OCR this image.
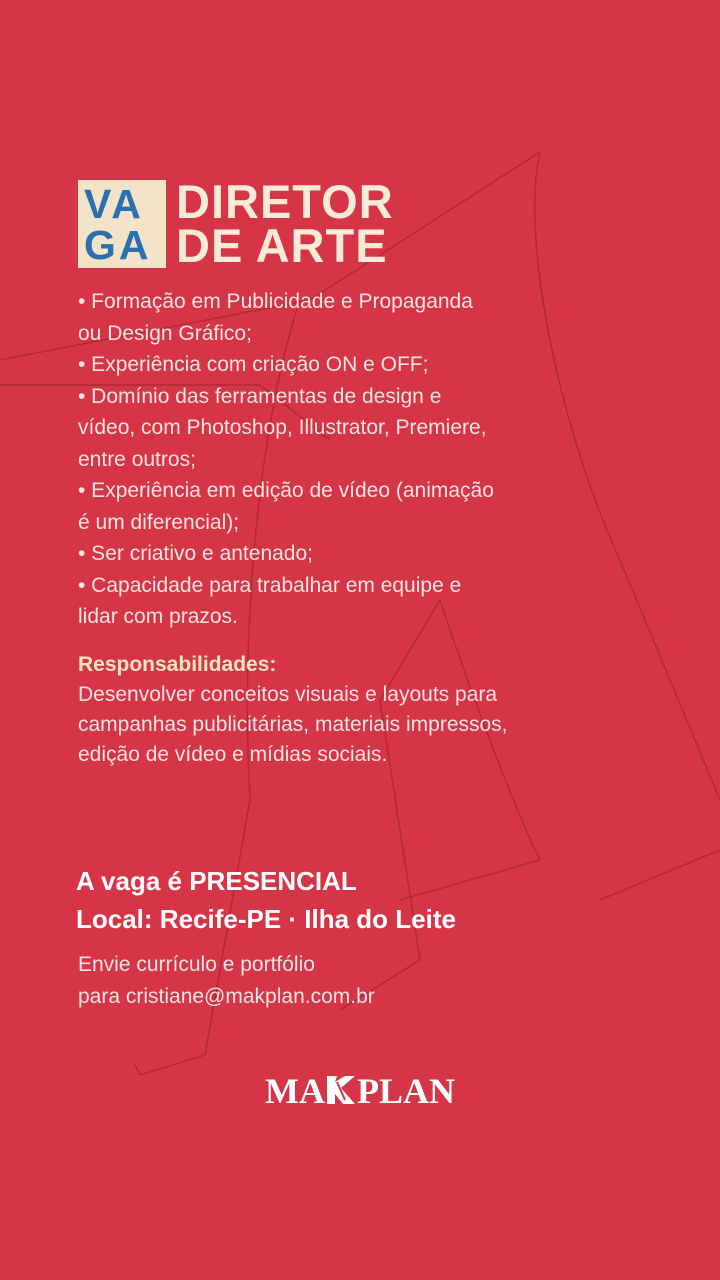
VA
GA
DIRETOR
DE ARTE
• Formação em Publicidade e Propaganda
ou Design Gráfico;
• Experiência com criação ON e OFF;
• Domínio das ferramentas de design e
vídeo, com Photoshop, Illustrator, Premiere,
entre outros;
• Experiência em edição de vídeo (animação
é um diferencial);
• Ser criativo e antenado;
• Capacidade para trabalhar em equipe e
lidar com prazos.
Responsabilidades:
Desenvolver conceitos visuais e layouts para
campanhas publicitárias, materiais impressos,
edição de vídeo e mídias sociais.
A vaga é PRESENCIAL
Local: Recife-PE · Ilha do Leite
Envie currículo e portfólio
para cristiane@makplan.com.br
MA PLAN
